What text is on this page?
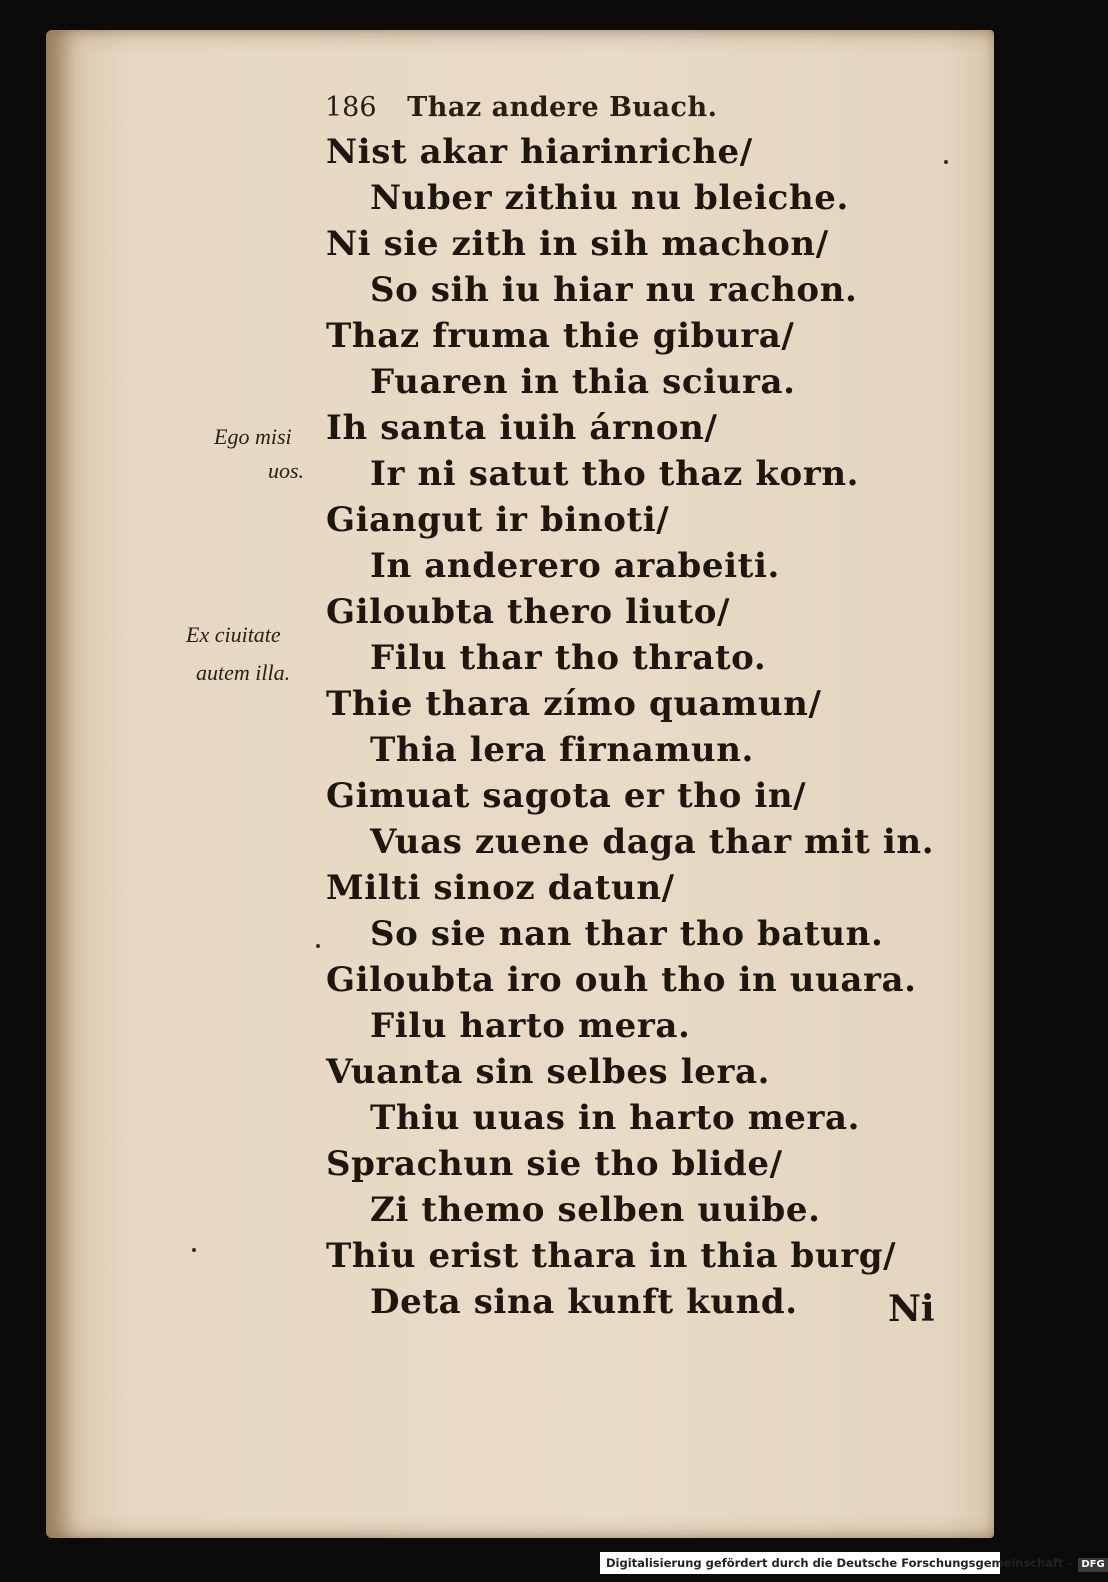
186 Thaz andere Buach.
Nist akar hiarinriche/
Nuber zithiu nu bleiche.
Ni sie zith in sih machon/
So sih iu hiar nu rachon.
Thaz fruma thie giburа/
Fuaren in thia sciura.
Ih santa iuih árnon/
Ir ni satut tho thaz korn.
Giangut ir binoti/
In anderero arabeiti.
Giloubta thero liuto/
Filu thar tho thrato.
Thie thara zímo quamun/
Thia lera firnamun.
Gimuat sagota er tho in/
Vuas zuene daga thar mit in.
Milti sinoz datun/
So sie nan thar tho batun.
Giloubta iro ouh tho in uuara.
Filu harto mera.
Vuanta sin selbes lera.
Thiu uuas in harto mera.
Sprachun sie tho blide/
Zi themo selben uuibe.
Thiu erist thara in thia burg/
Deta sina kunft kund.
Ego misi
uos.
Ex ciuitate
autem illa.
Ni
Digitalisierung gefördert durch die Deutsche Forschungsgemeinschaft - DFG
